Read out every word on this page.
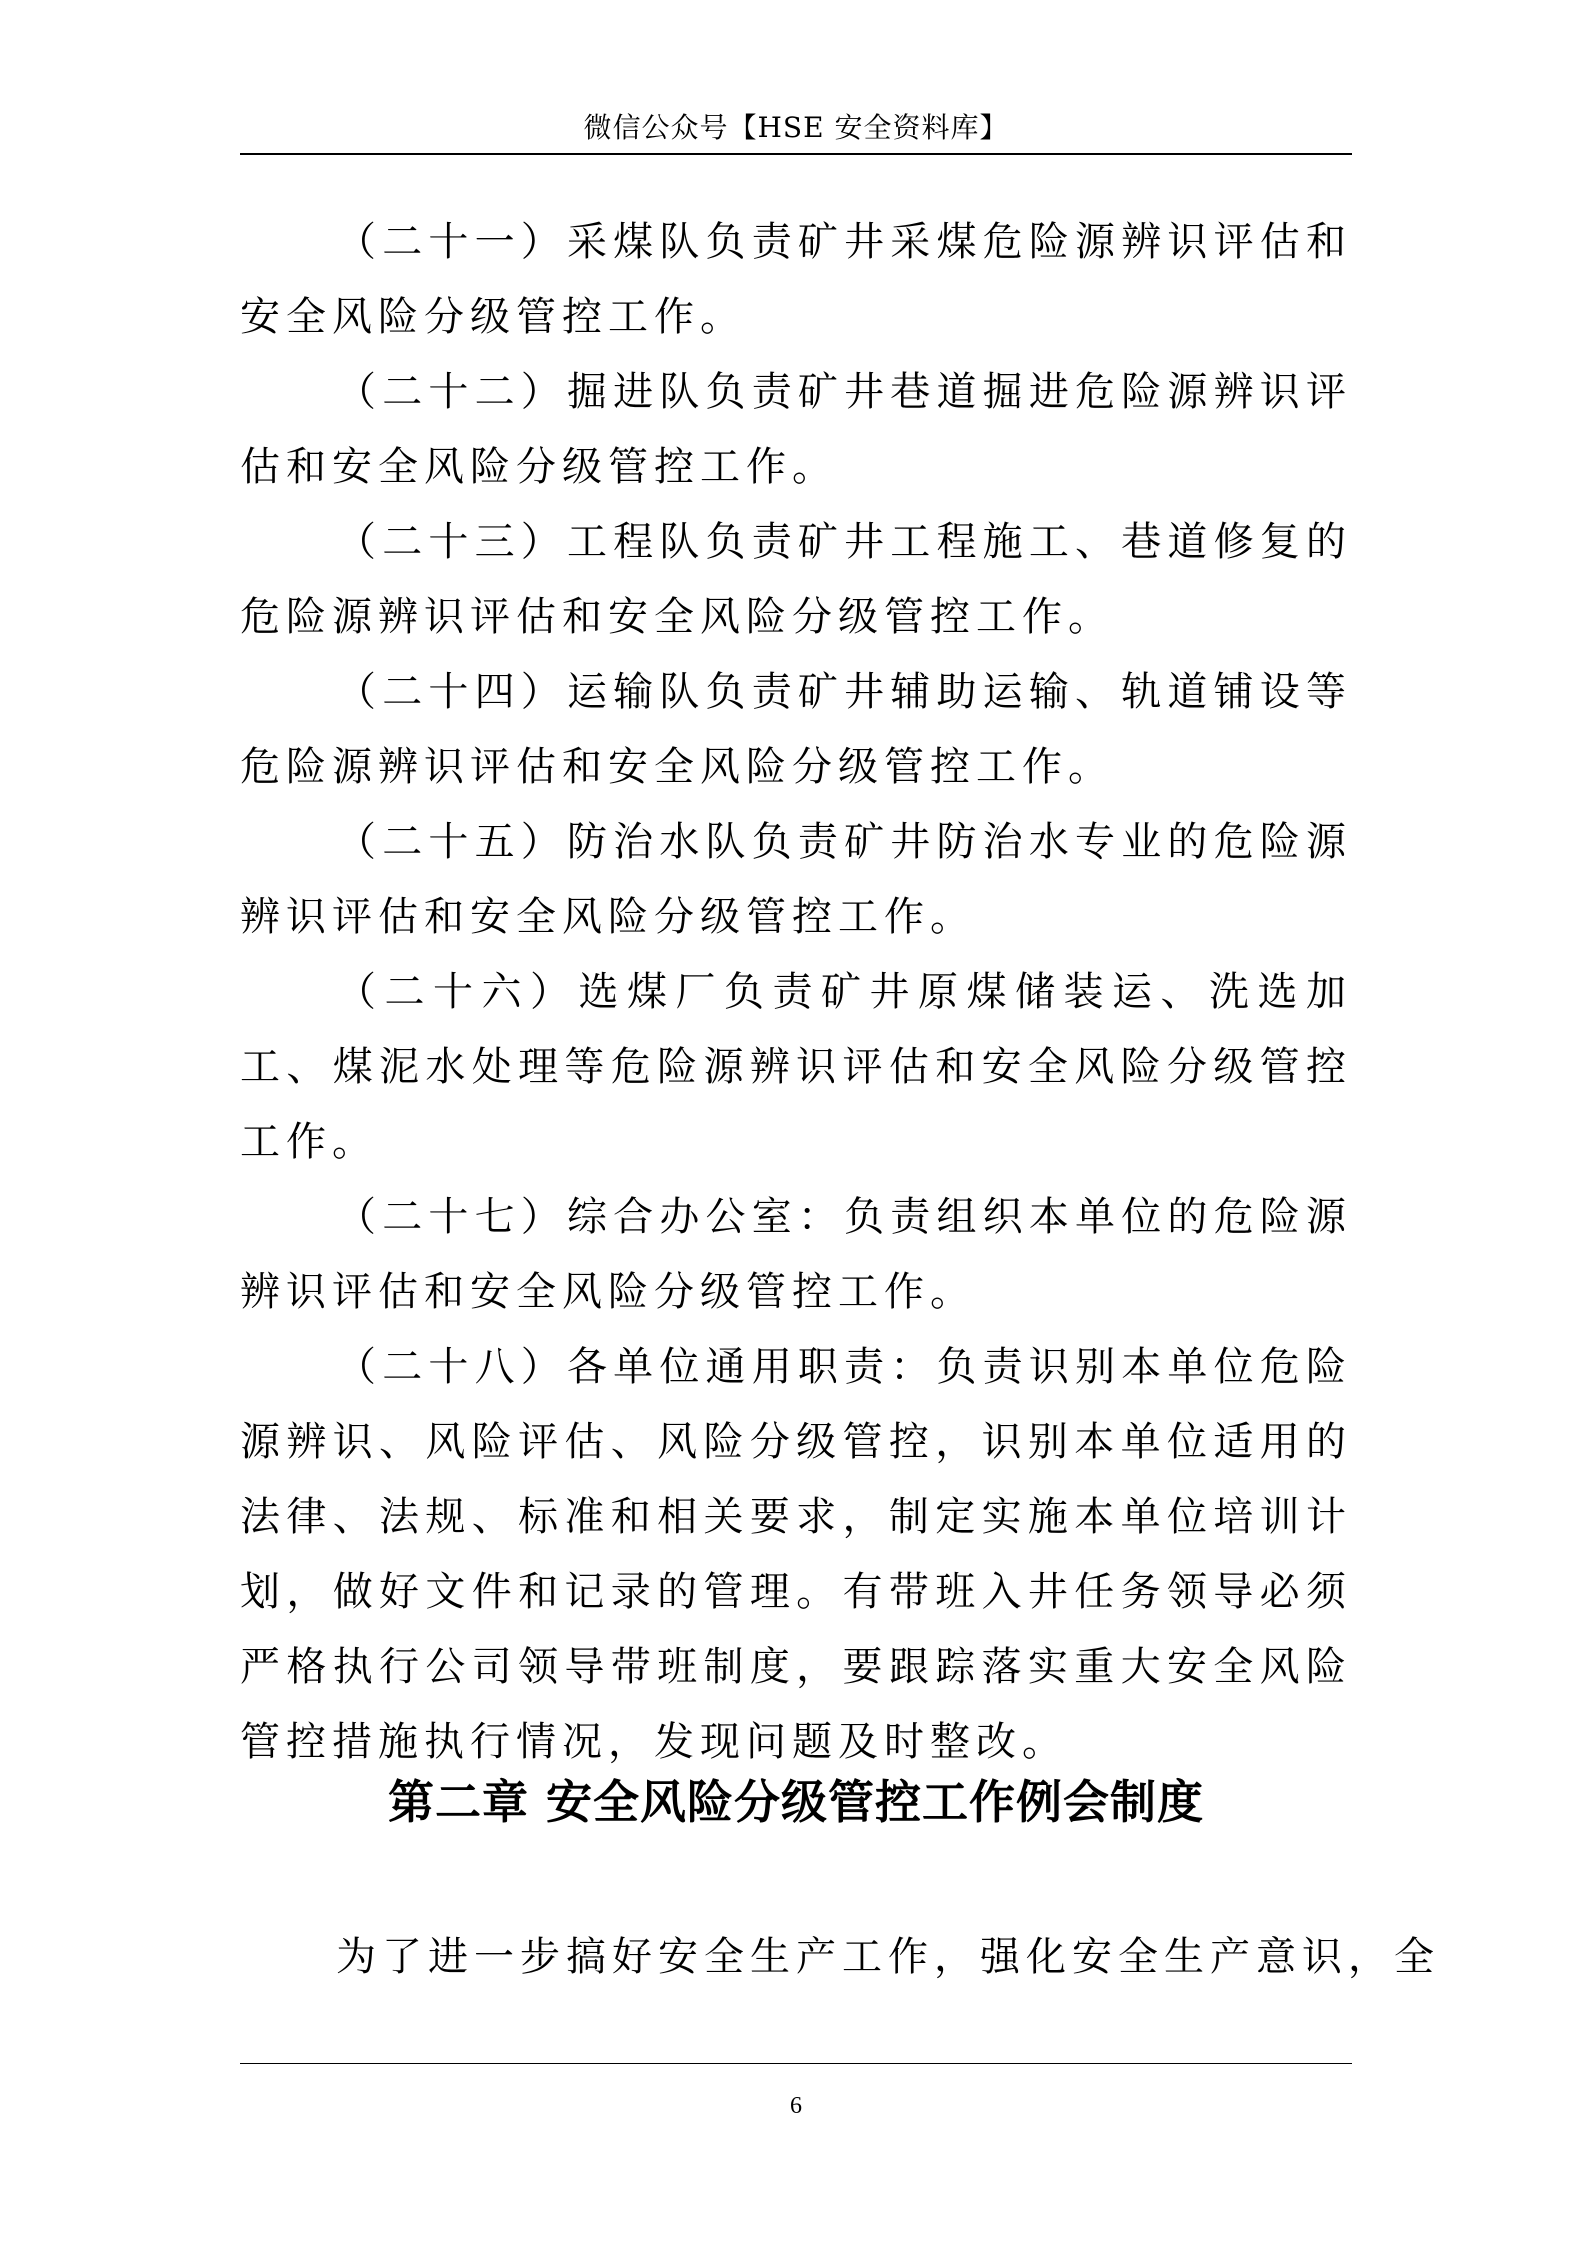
微信公众号【HSE 安全资料库】

（二十一）采煤队负责矿井采煤危险源辨识评估和安全风险分级管控工作。

（二十二）掘进队负责矿井巷道掘进危险源辨识评估和安全风险分级管控工作。

（二十三）工程队负责矿井工程施工、巷道修复的危险源辨识评估和安全风险分级管控工作。

（二十四）运输队负责矿井辅助运输、轨道铺设等危险源辨识评估和安全风险分级管控工作。

（二十五）防治水队负责矿井防治水专业的危险源辨识评估和安全风险分级管控工作。

（二十六）选煤厂负责矿井原煤储装运、洗选加工、煤泥水处理等危险源辨识评估和安全风险分级管控工作。

（二十七）综合办公室：负责组织本单位的危险源辨识评估和安全风险分级管控工作。

（二十八）各单位通用职责：负责识别本单位危险源辨识、风险评估、风险分级管控，识别本单位适用的法律、法规、标准和相关要求，制定实施本单位培训计划，做好文件和记录的管理。有带班入井任务领导必须严格执行公司领导带班制度，要跟踪落实重大安全风险管控措施执行情况，发现问题及时整改。

第二章 安全风险分级管控工作例会制度

为了进一步搞好安全生产工作，强化安全生产意识，全

6
